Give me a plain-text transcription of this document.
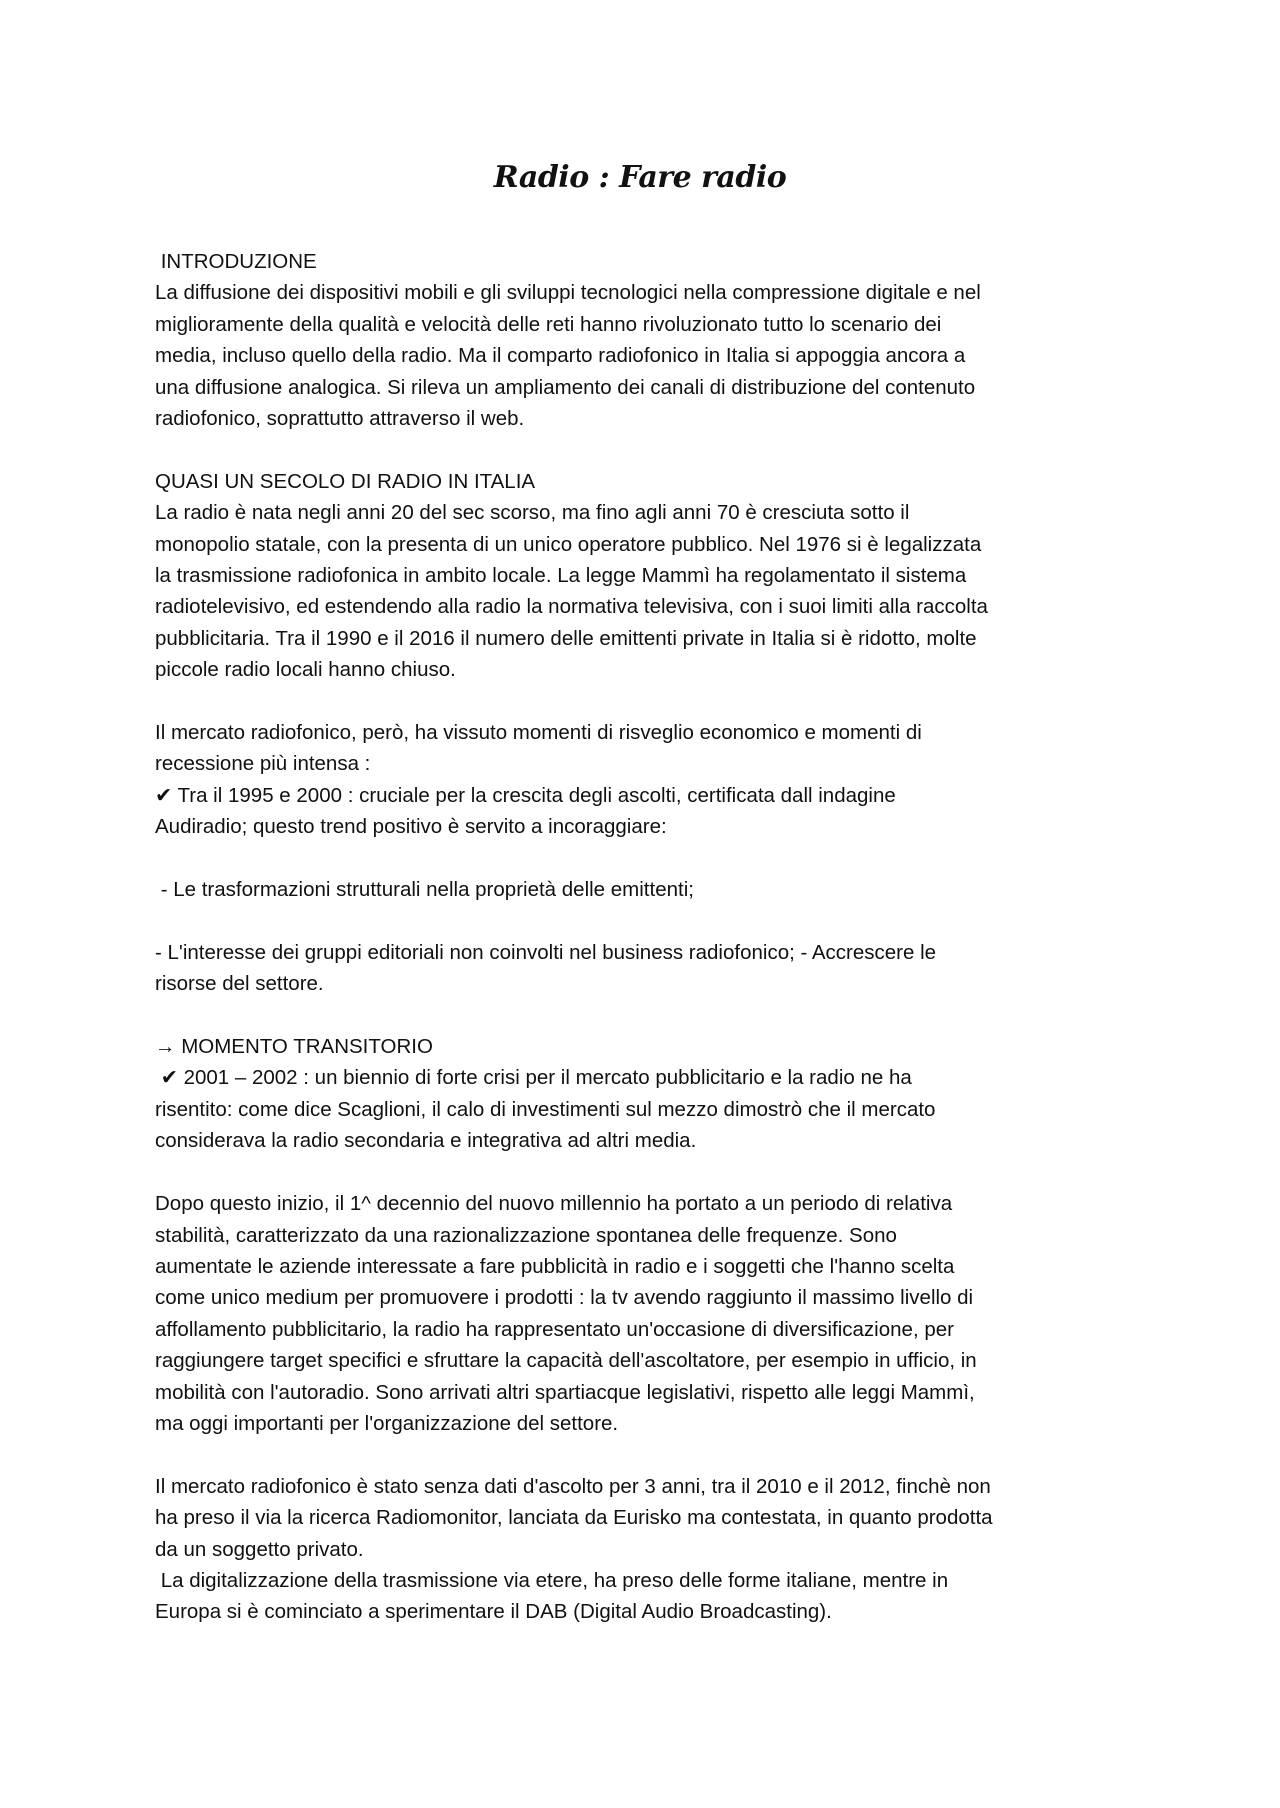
Radio : Fare radio
INTRODUZIONE
La diffusione dei dispositivi mobili e gli sviluppi tecnologici nella compressione digitale e nel
miglioramente della qualità e velocità delle reti hanno rivoluzionato tutto lo scenario dei
media, incluso quello della radio. Ma il comparto radiofonico in Italia si appoggia ancora a
una diffusione analogica. Si rileva un ampliamento dei canali di distribuzione del contenuto
radiofonico, soprattutto attraverso il web.
QUASI UN SECOLO DI RADIO IN ITALIA
La radio è nata negli anni 20 del sec scorso, ma fino agli anni 70 è cresciuta sotto il
monopolio statale, con la presenta di un unico operatore pubblico. Nel 1976 si è legalizzata
la trasmissione radiofonica in ambito locale. La legge Mammì ha regolamentato il sistema
radiotelevisivo, ed estendendo alla radio la normativa televisiva, con i suoi limiti alla raccolta
pubblicitaria. Tra il 1990 e il 2016 il numero delle emittenti private in Italia si è ridotto, molte
piccole radio locali hanno chiuso.
Il mercato radiofonico, però, ha vissuto momenti di risveglio economico e momenti di
recessione più intensa :
✔ Tra il 1995 e 2000 : cruciale per la crescita degli ascolti, certificata dall indagine
Audiradio; questo trend positivo è servito a incoraggiare:
- Le trasformazioni strutturali nella proprietà delle emittenti;
- L'interesse dei gruppi editoriali non coinvolti nel business radiofonico; - Accrescere le
risorse del settore.
→ MOMENTO TRANSITORIO
✔ 2001 – 2002 : un biennio di forte crisi per il mercato pubblicitario e la radio ne ha
risentito: come dice Scaglioni, il calo di investimenti sul mezzo dimostrò che il mercato
considerava la radio secondaria e integrativa ad altri media.
Dopo questo inizio, il 1^ decennio del nuovo millennio ha portato a un periodo di relativa
stabilità, caratterizzato da una razionalizzazione spontanea delle frequenze. Sono
aumentate le aziende interessate a fare pubblicità in radio e i soggetti che l'hanno scelta
come unico medium per promuovere i prodotti : la tv avendo raggiunto il massimo livello di
affollamento pubblicitario, la radio ha rappresentato un'occasione di diversificazione, per
raggiungere target specifici e sfruttare la capacità dell'ascoltatore, per esempio in ufficio, in
mobilità con l'autoradio. Sono arrivati altri spartiacque legislativi, rispetto alle leggi Mammì,
ma oggi importanti per l'organizzazione del settore.
Il mercato radiofonico è stato senza dati d'ascolto per 3 anni, tra il 2010 e il 2012, finchè non
ha preso il via la ricerca Radiomonitor, lanciata da Eurisko ma contestata, in quanto prodotta
da un soggetto privato.
La digitalizzazione della trasmissione via etere, ha preso delle forme italiane, mentre in
Europa si è cominciato a sperimentare il DAB (Digital Audio Broadcasting).
